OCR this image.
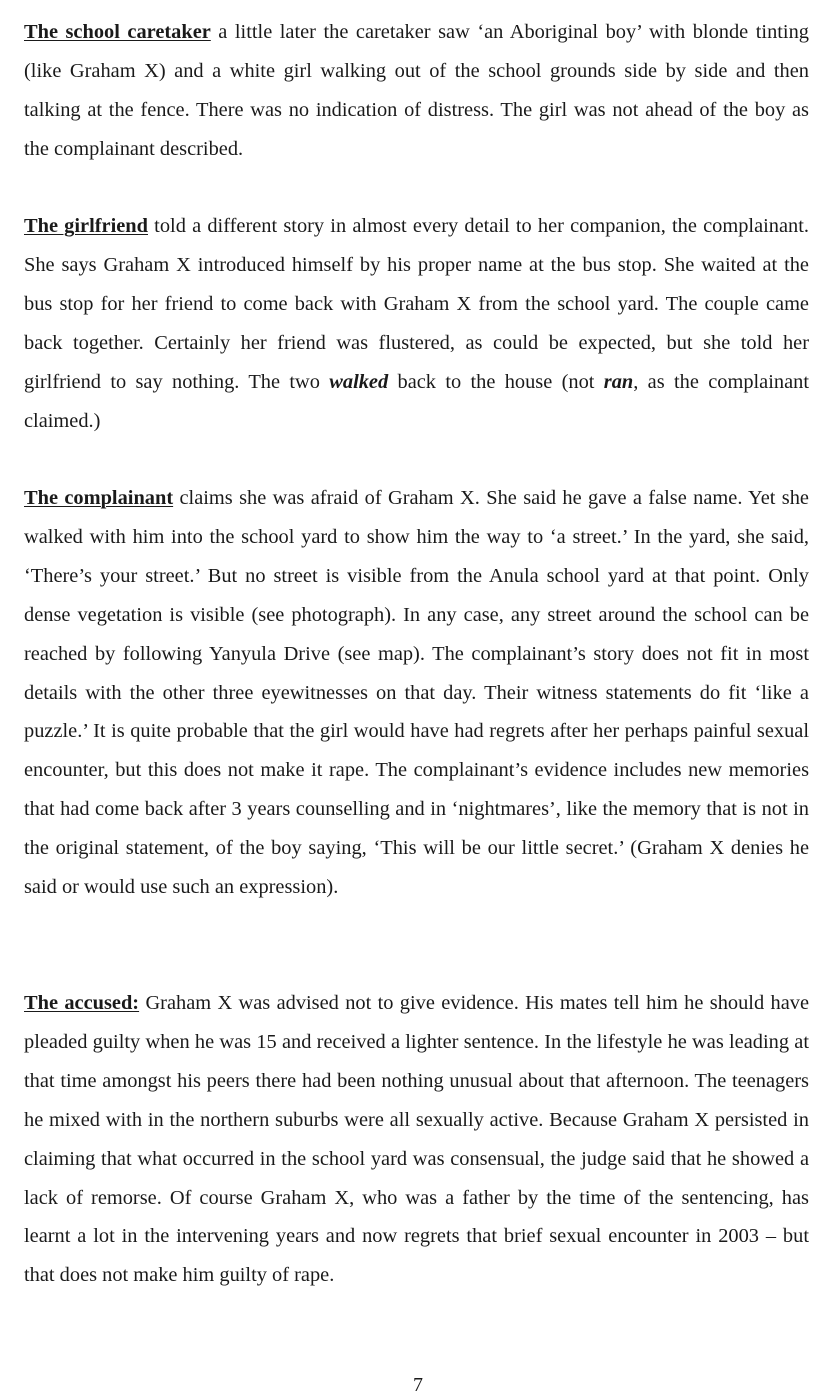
The school caretaker a little later the caretaker saw ‘an Aboriginal boy’ with blonde tinting (like Graham X) and a white girl walking out of the school grounds side by side and then talking at the fence. There was no indication of distress. The girl was not ahead of the boy as the complainant described.

The girlfriend told a different story in almost every detail to her companion, the complainant. She says Graham X introduced himself by his proper name at the bus stop. She waited at the bus stop for her friend to come back with Graham X from the school yard. The couple came back together. Certainly her friend was flustered, as could be expected, but she told her girlfriend to say nothing. The two walked back to the house (not ran, as the complainant claimed.)

The complainant claims she was afraid of Graham X. She said he gave a false name. Yet she walked with him into the school yard to show him the way to ‘a street.’ In the yard, she said, ‘There’s your street.’ But no street is visible from the Anula school yard at that point. Only dense vegetation is visible (see photograph). In any case, any street around the school can be reached by following Yanyula Drive (see map). The complainant’s story does not fit in most details with the other three eyewitnesses on that day. Their witness statements do fit ‘like a puzzle.’ It is quite probable that the girl would have had regrets after her perhaps painful sexual encounter, but this does not make it rape. The complainant’s evidence includes new memories that had come back after 3 years counselling and in ‘nightmares’, like the memory that is not in the original statement, of the boy saying, ‘This will be our little secret.’ (Graham X denies he said or would use such an expression).

The accused: Graham X was advised not to give evidence. His mates tell him he should have pleaded guilty when he was 15 and received a lighter sentence. In the lifestyle he was leading at that time amongst his peers there had been nothing unusual about that afternoon. The teenagers he mixed with in the northern suburbs were all sexually active. Because Graham X persisted in claiming that what occurred in the school yard was consensual, the judge said that he showed a lack of remorse. Of course Graham X, who was a father by the time of the sentencing, has learnt a lot in the intervening years and now regrets that brief sexual encounter in 2003 – but that does not make him guilty of rape.

7
